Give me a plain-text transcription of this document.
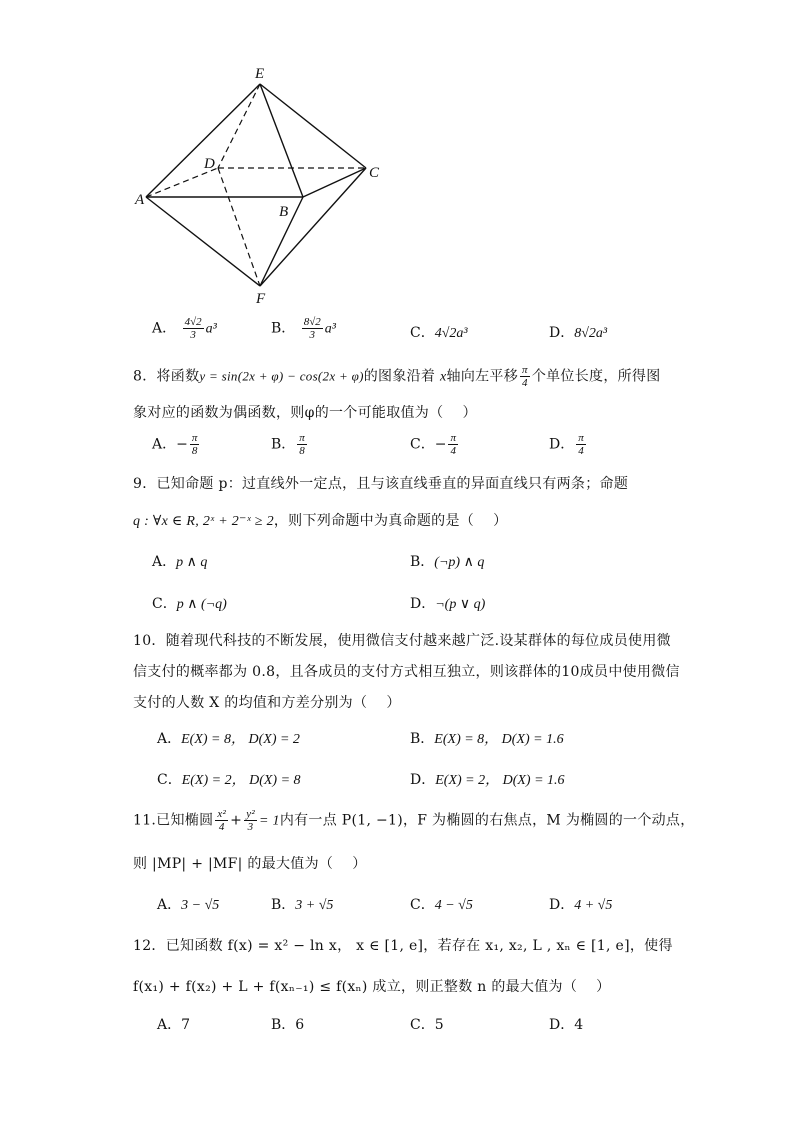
E
D
C
A
B
F
A． $\frac{4√2}{3} a^3$	B． $\frac{8√2}{3} a^3$	C．4√2a³	D．8√2a³
8．将函数y = sin(2x + φ) − cos(2x + φ)的图象沿着 x轴向左平移 $\frac{\pi}{4}$ 个单位长度，所得图
象对应的函数为偶函数，则φ的一个可能取值为（　 ）
A．− $\frac{\pi}{8}$	B． $\frac{\pi}{8}$	C．− $\frac{\pi}{4}$	D． $\frac{\pi}{4}$
9．已知命题 p：过直线外一定点，且与该直线垂直的异面直线只有两条；命题
q : ∀x ∈ R, 2ˣ + 2⁻ˣ ≥ 2，则下列命题中为真命题的是（　 ）
A．p ∧ q	B．(¬p) ∧ q
C．p ∧ (¬q)	D．¬(p ∨ q)
10．随着现代科技的不断发展，使用微信支付越来越广泛.设某群体的每位成员使用微
信支付的概率都为 0.8，且各成员的支付方式相互独立，则该群体的10成员中使用微信
支付的人数 X 的均值和方差分别为（　 ）
A．E(X) = 8， D(X) = 2	B．E(X) = 8， D(X) = 1.6
C．E(X) = 2， D(X) = 8	D．E(X) = 2， D(X) = 1.6
11.已知椭圆 $\frac{\text{x²}}{4} + \frac{\text{y²}}{3} = 1$内有一点 P(1, −1)，F 为椭圆的右焦点，M 为椭圆的一个动点，
则 |MP| + |MF| 的最大值为（　 ）
A．3 − √5	B．3 + √5	C．4 − √5	D．4 + √5
12．已知函数 f(x) = x² − ln x， x ∈ [1, e]，若存在 x₁, x₂, L , xₙ ∈ [1, e]，使得
f(x₁) + f(x₂) + L + f(xₙ₋₁) ≤ f(xₙ) 成立，则正整数 n 的最大值为（　 ）
A．7	B．6	C．5	D．4
